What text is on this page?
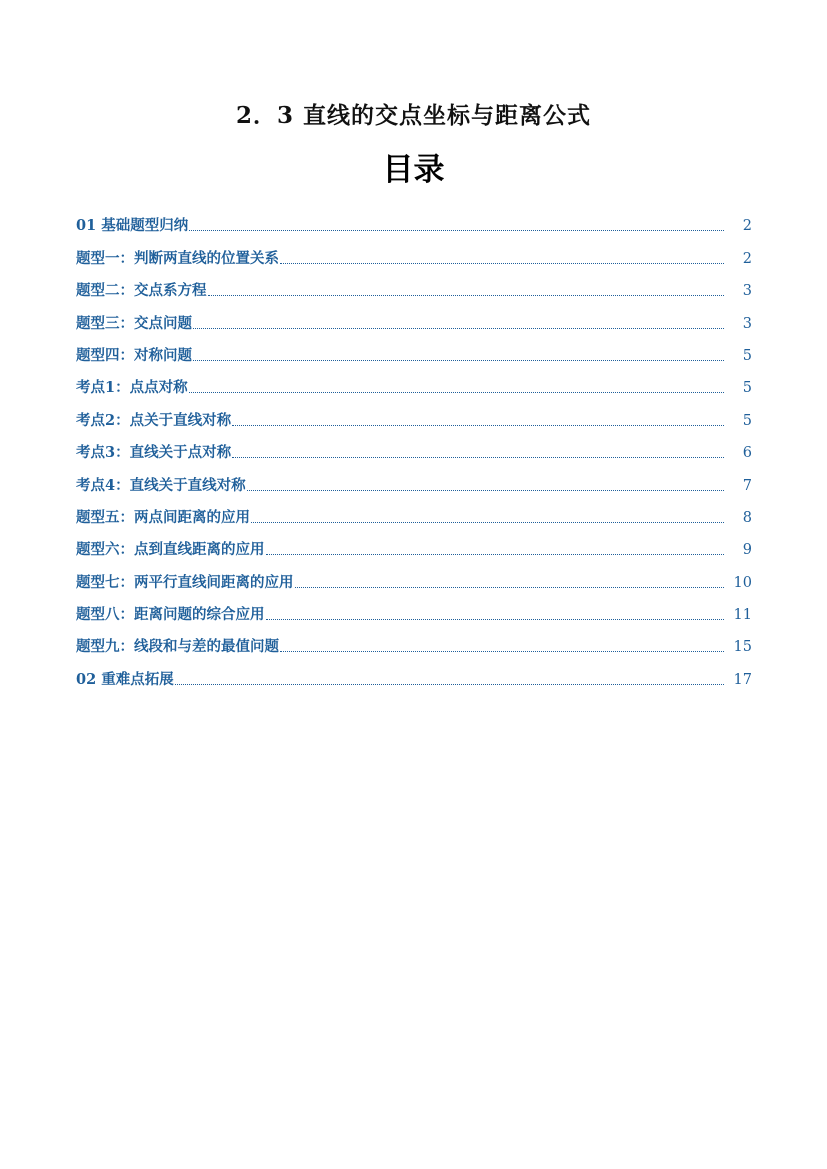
2．3 直线的交点坐标与距离公式
目录
01 基础题型归纳	2
题型一：判断两直线的位置关系	2
题型二：交点系方程	3
题型三：交点问题	3
题型四：对称问题	5
考点1：点点对称	5
考点2：点关于直线对称	5
考点3：直线关于点对称	6
考点4：直线关于直线对称	7
题型五：两点间距离的应用	8
题型六：点到直线距离的应用	9
题型七：两平行直线间距离的应用	10
题型八：距离问题的综合应用	11
题型九：线段和与差的最值问题	15
02 重难点拓展	17
